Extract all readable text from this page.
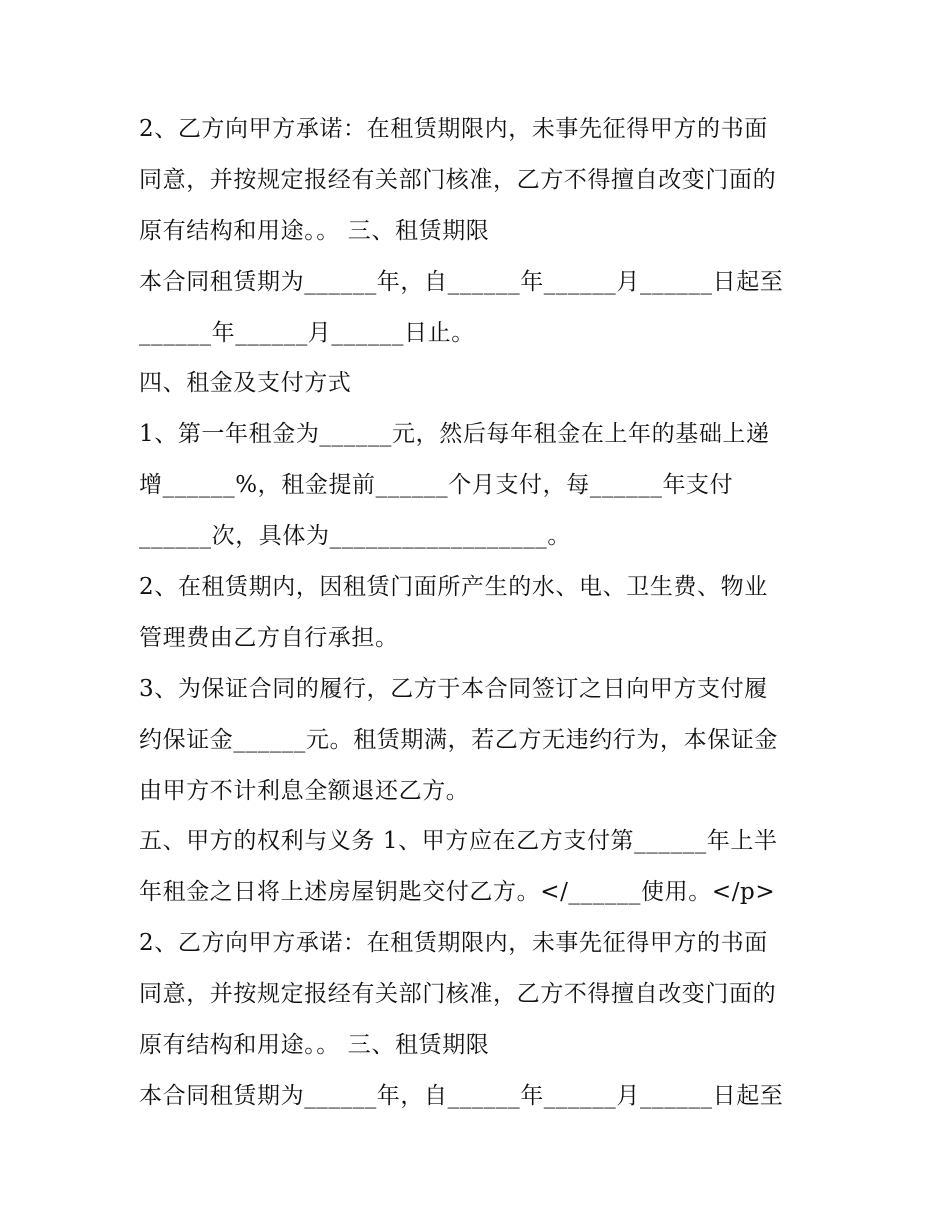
2、乙方向甲方承诺：在租赁期限内，未事先征得甲方的书面
同意，并按规定报经有关部门核准，乙方不得擅自改变门面的
原有结构和用途。。 三、租赁期限
本合同租赁期为______年，自______年______月______日起至
______年______月______日止。
四、租金及支付方式
1、第一年租金为______元，然后每年租金在上年的基础上递
增______%，租金提前______个月支付，每______年支付
______次，具体为__________________。
2、在租赁期内，因租赁门面所产生的水、电、卫生费、物业
管理费由乙方自行承担。
3、为保证合同的履行，乙方于本合同签订之日向甲方支付履
约保证金______元。租赁期满，若乙方无违约行为，本保证金
由甲方不计利息全额退还乙方。
五、甲方的权利与义务 1、甲方应在乙方支付第______年上半
年租金之日将上述房屋钥匙交付乙方。</______使用。</p>
2、乙方向甲方承诺：在租赁期限内，未事先征得甲方的书面
同意，并按规定报经有关部门核准，乙方不得擅自改变门面的
原有结构和用途。。 三、租赁期限
本合同租赁期为______年，自______年______月______日起至
